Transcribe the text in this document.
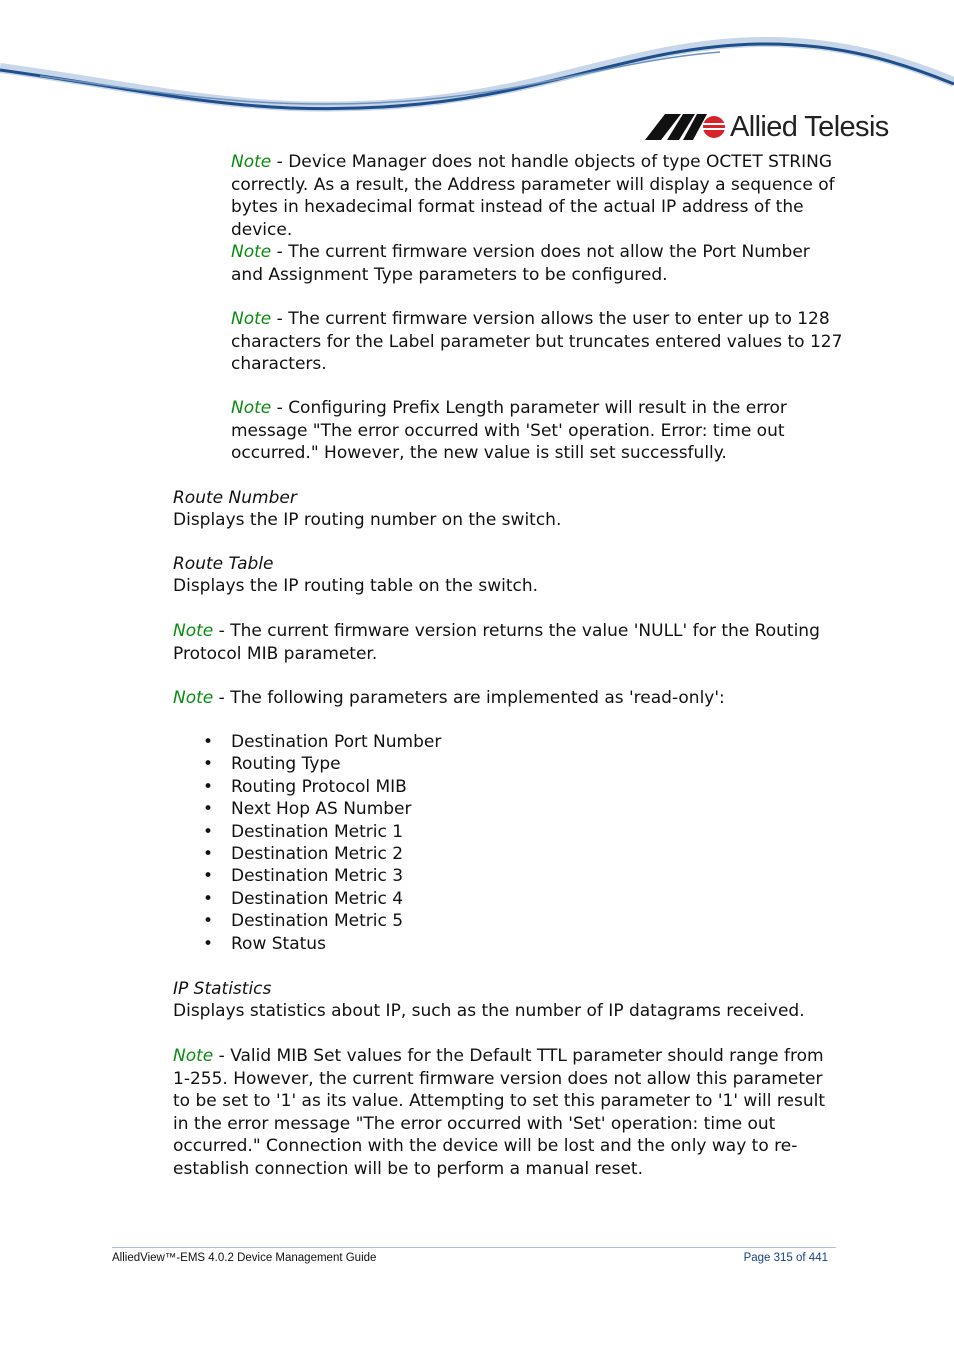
Allied Telesis

Note - Device Manager does not handle objects of type OCTET STRING correctly. As a result, the Address parameter will display a sequence of bytes in hexadecimal format instead of the actual IP address of the device.

Note - The current firmware version does not allow the Port Number and Assignment Type parameters to be configured.

Note - The current firmware version allows the user to enter up to 128 characters for the Label parameter but truncates entered values to 127 characters.

Note - Configuring Prefix Length parameter will result in the error message "The error occurred with 'Set' operation. Error: time out occurred." However, the new value is still set successfully.

Route Number
Displays the IP routing number on the switch.
Route Table
Displays the IP routing table on the switch.

Note - The current firmware version returns the value 'NULL' for the Routing Protocol MIB parameter.

Note - The following parameters are implemented as 'read-only':

• Destination Port Number
• Routing Type
• Routing Protocol MIB
• Next Hop AS Number
• Destination Metric 1
• Destination Metric 2
• Destination Metric 3
• Destination Metric 4
• Destination Metric 5
• Row Status
IP Statistics
Displays statistics about IP, such as the number of IP datagrams received.

Note - Valid MIB Set values for the Default TTL parameter should range from 1-255. However, the current firmware version does not allow this parameter to be set to '1' as its value. Attempting to set this parameter to '1' will result in the error message "The error occurred with 'Set' operation: time out occurred." Connection with the device will be lost and the only way to re-establish connection will be to perform a manual reset.

AlliedView™-EMS 4.0.2 Device Management Guide	Page 315 of 441
